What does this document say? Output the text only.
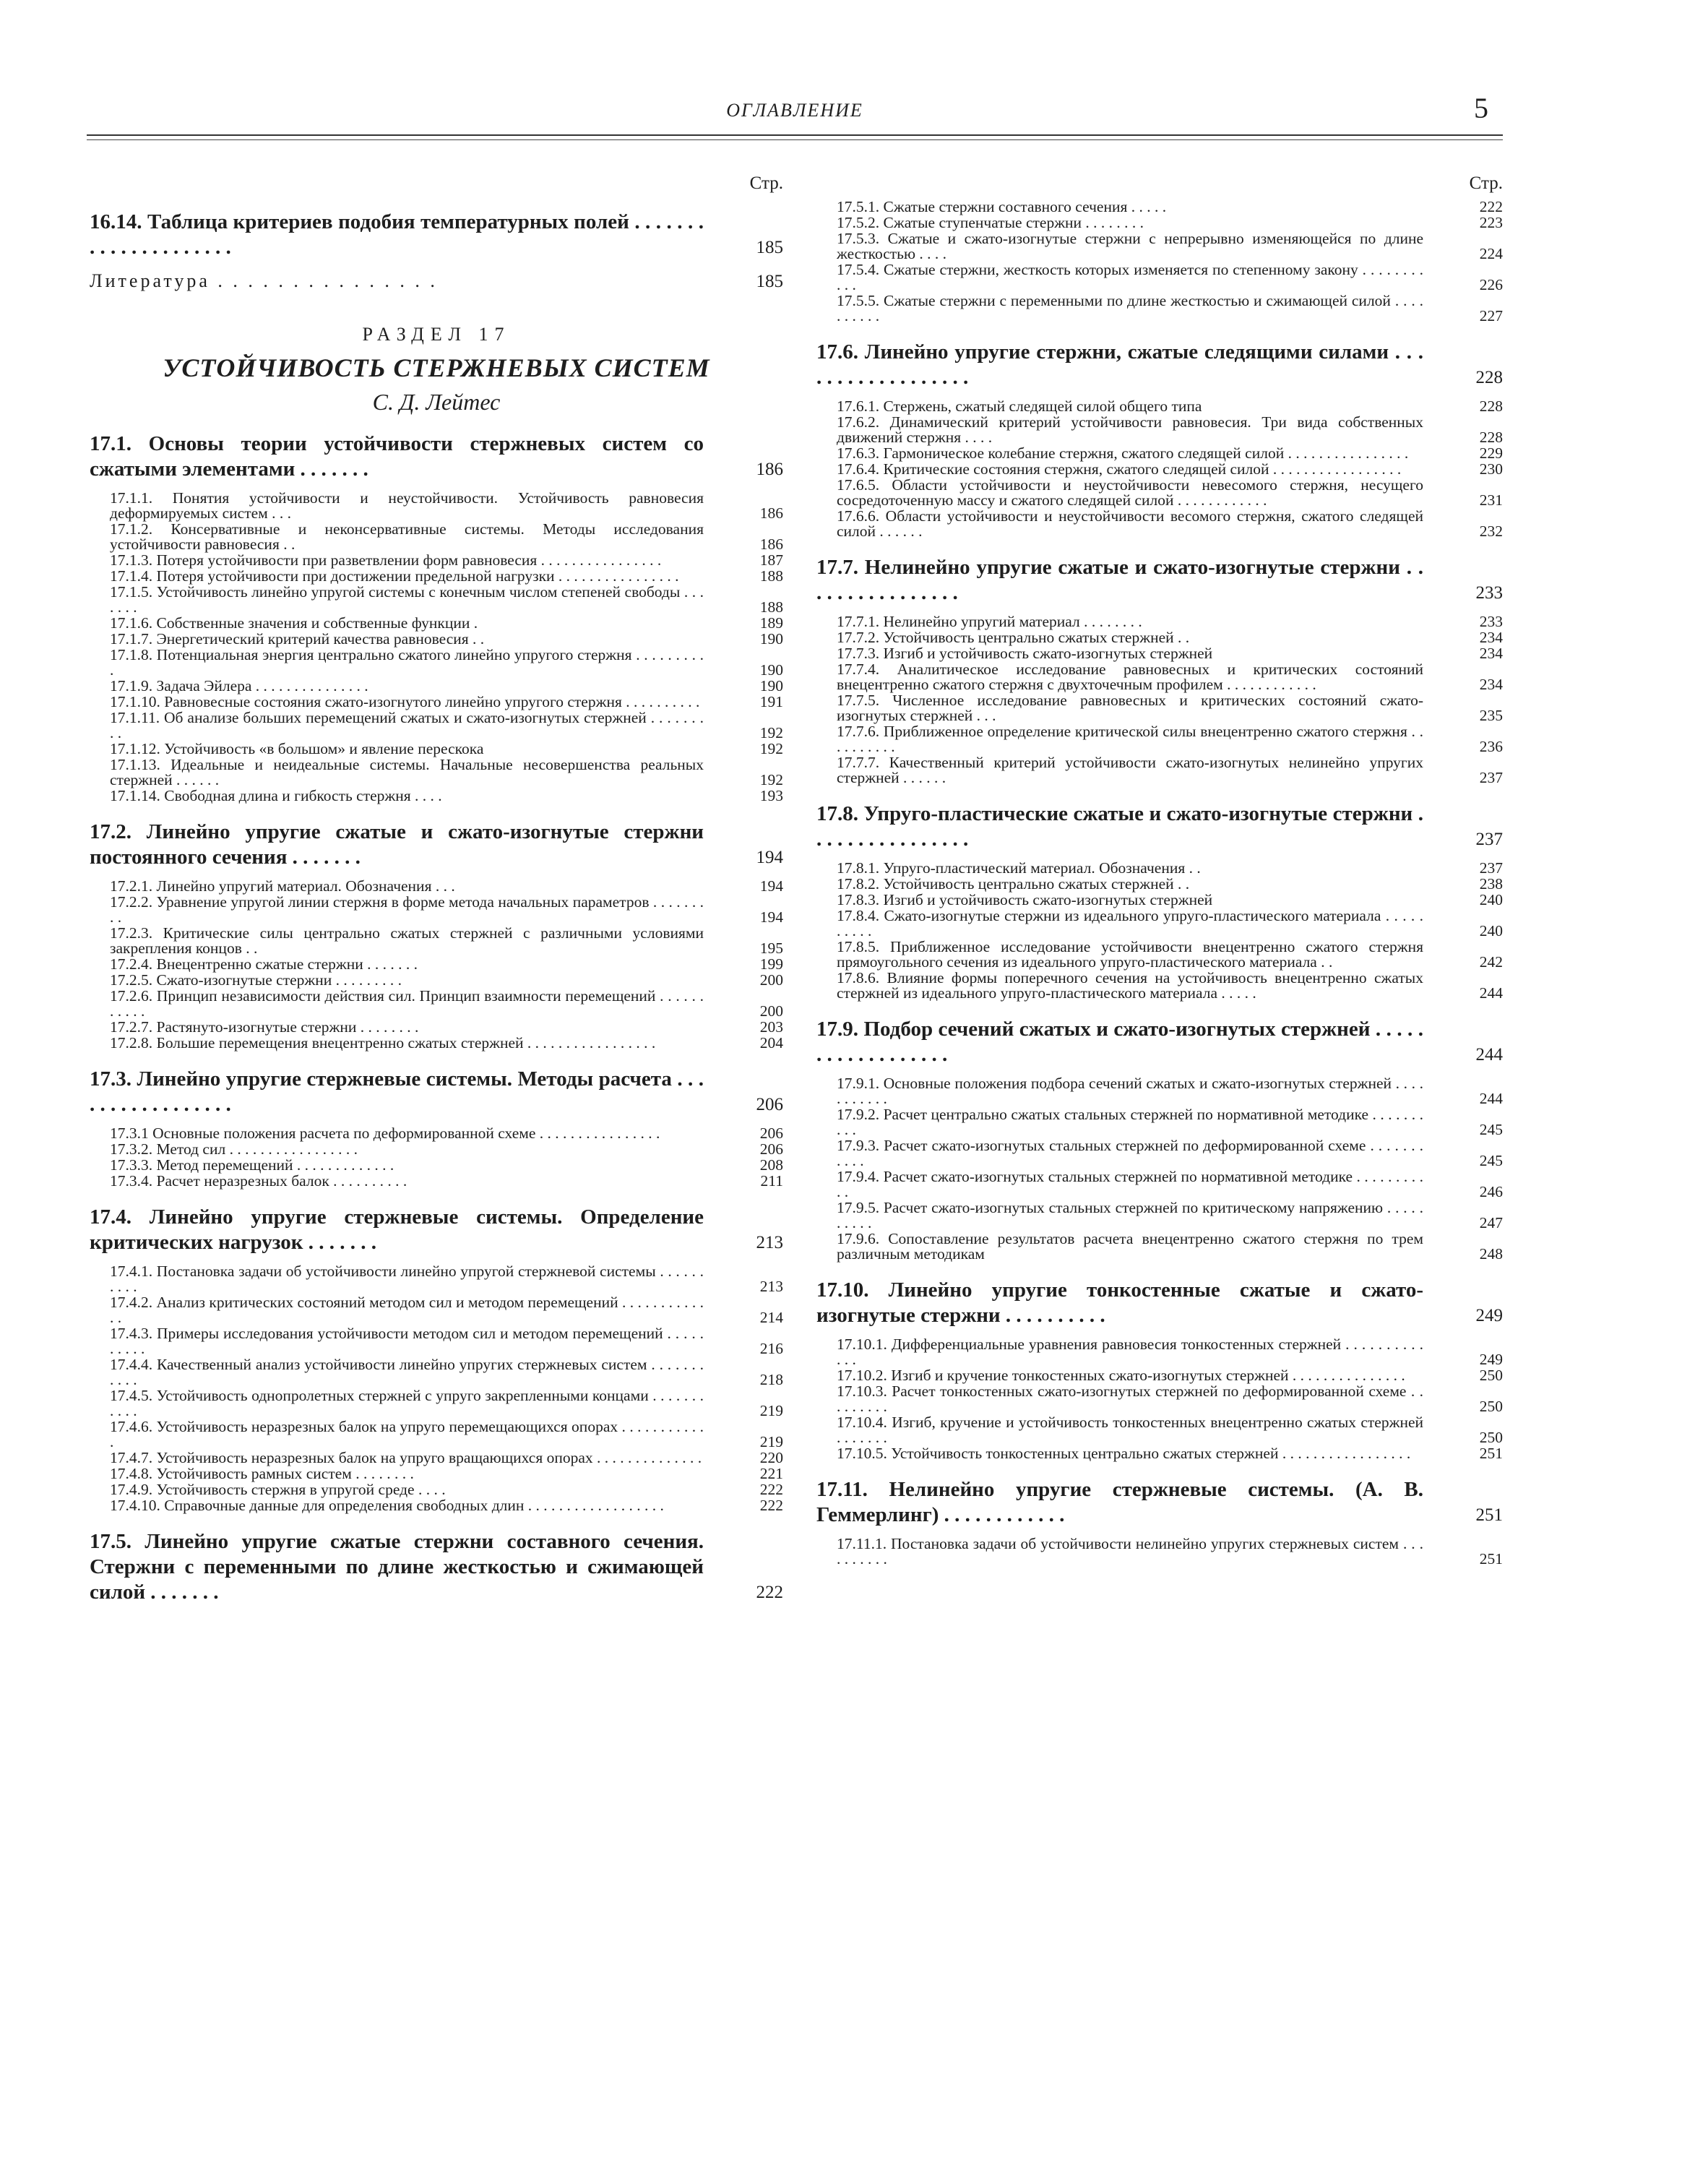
ОГЛАВЛЕНИЕ	5
Стр.
16.14. Таблица критериев подобия температурных полей . . . . . . . . . . . . . . . . . . . . .	185
Литература . . . . . . . . . . . . . . .	185
РАЗДЕЛ 17
УСТОЙЧИВОСТЬ СТЕРЖНЕВЫХ СИСТЕМ
С. Д. Лейтес
17.1. Основы теории устойчивости стержневых систем со сжатыми элементами . . . . . . .	186
17.1.1. Понятия устойчивости и неустойчивости. Устойчивость равновесия деформируемых систем . . .	186
17.1.2. Консервативные и неконсервативные системы. Методы исследования устойчивости равновесия . .	186
17.1.3. Потеря устойчивости при разветвлении форм равновесия . . . . . . . . . . . . . . . .	187
17.1.4. Потеря устойчивости при достижении предельной нагрузки . . . . . . . . . . . . . . . .	188
17.1.5. Устойчивость линейно упругой системы с конечным числом степеней свободы . . . . . . .	188
17.1.6. Собственные значения и собственные функции .	189
17.1.7. Энергетический критерий качества равновесия . .	190
17.1.8. Потенциальная энергия центрально сжатого линейно упругого стержня . . . . . . . . . .	190
17.1.9. Задача Эйлера . . . . . . . . . . . . . . .	190
17.1.10. Равновесные состояния сжато-изогнутого линейно упругого стержня . . . . . . . . . .	191
17.1.11. Об анализе больших перемещений сжатых и сжато-изогнутых стержней . . . . . . . . .	192
17.1.12. Устойчивость «в большом» и явление перескока	192
17.1.13. Идеальные и неидеальные системы. Начальные несовершенства реальных стержней . . . . . .	192
17.1.14. Свободная длина и гибкость стержня . . . .	193
17.2. Линейно упругие сжатые и сжато-изогнутые стержни постоянного сечения . . . . . . .	194
17.2.1. Линейно упругий материал. Обозначения . . .	194
17.2.2. Уравнение упругой линии стержня в форме метода начальных параметров . . . . . . . . .	194
17.2.3. Критические силы центрально сжатых стержней с различными условиями закрепления концов . .	195
17.2.4. Внецентренно сжатые стержни . . . . . . .	199
17.2.5. Сжато-изогнутые стержни . . . . . . . . .	200
17.2.6. Принцип независимости действия сил. Принцип взаимности перемещений . . . . . . . . . . .	200
17.2.7. Растянуто-изогнутые стержни . . . . . . . .	203
17.2.8. Большие перемещения внецентренно сжатых стержней . . . . . . . . . . . . . . . . .	204
17.3. Линейно упругие стержневые системы. Методы расчета . . . . . . . . . . . . . . . . .	206
17.3.1 Основные положения расчета по деформированной схеме . . . . . . . . . . . . . . . .	206
17.3.2. Метод сил . . . . . . . . . . . . . . . . .	206
17.3.3. Метод перемещений . . . . . . . . . . . . .	208
17.3.4. Расчет неразрезных балок . . . . . . . . . .	211
17.4. Линейно упругие стержневые системы. Определение критических нагрузок . . . . . . .	213
17.4.1. Постановка задачи об устойчивости линейно упругой стержневой системы . . . . . . . . . .	213
17.4.2. Анализ критических состояний методом сил и методом перемещений . . . . . . . . . . . . .	214
17.4.3. Примеры исследования устойчивости методом сил и методом перемещений . . . . . . . . . .	216
17.4.4. Качественный анализ устойчивости линейно упругих стержневых систем . . . . . . . . . . .	218
17.4.5. Устойчивость однопролетных стержней с упруго закрепленными концами . . . . . . . . . . .	219
17.4.6. Устойчивость неразрезных балок на упруго перемещающихся опорах . . . . . . . . . . . .	219
17.4.7. Устойчивость неразрезных балок на упруго вращающихся опорах . . . . . . . . . . . . . .	220
17.4.8. Устойчивость рамных систем . . . . . . . .	221
17.4.9. Устойчивость стержня в упругой среде . . . .	222
17.4.10. Справочные данные для определения свободных длин . . . . . . . . . . . . . . . . . .	222
17.5. Линейно упругие сжатые стержни составного сечения. Стержни с переменными по длине жесткостью и сжимающей силой . . . . . . .	222
Стр.
17.5.1. Сжатые стержни составного сечения . . . . .	222
17.5.2. Сжатые ступенчатые стержни . . . . . . . .	223
17.5.3. Сжатые и сжато-изогнутые стержни с непрерывно изменяющейся по длине жесткостью . . . .	224
17.5.4. Сжатые стержни, жесткость которых изменяется по степенному закону . . . . . . . . . . .	226
17.5.5. Сжатые стержни с переменными по длине жесткостью и сжимающей силой . . . . . . . . . .	227
17.6. Линейно упругие стержни, сжатые следящими силами . . . . . . . . . . . . . . . . . .	228
17.6.1. Стержень, сжатый следящей силой общего типа	228
17.6.2. Динамический критерий устойчивости равновесия. Три вида собственных движений стержня . . . .	228
17.6.3. Гармоническое колебание стержня, сжатого следящей силой . . . . . . . . . . . . . . . .	229
17.6.4. Критические состояния стержня, сжатого следящей силой . . . . . . . . . . . . . . . . .	230
17.6.5. Области устойчивости и неустойчивости невесомого стержня, несущего сосредоточенную массу и сжатого следящей силой . . . . . . . . . . . .	231
17.6.6. Области устойчивости и неустойчивости весомого стержня, сжатого следящей силой . . . . . .	232
17.7. Нелинейно упругие сжатые и сжато-изогнутые стержни . . . . . . . . . . . . . . . .	233
17.7.1. Нелинейно упругий материал . . . . . . . .	233
17.7.2. Устойчивость центрально сжатых стержней . .	234
17.7.3. Изгиб и устойчивость сжато-изогнутых стержней	234
17.7.4. Аналитическое исследование равновесных и критических состояний внецентренно сжатого стержня с двухточечным профилем . . . . . . . . . . . .	234
17.7.5. Численное исследование равновесных и критических состояний сжато-изогнутых стержней . . .	235
17.7.6. Приближенное определение критической силы внецентренно сжатого стержня . . . . . . . . . .	236
17.7.7. Качественный критерий устойчивости сжато-изогнутых нелинейно упругих стержней . . . . . .	237
17.8. Упруго-пластические сжатые и сжато-изогнутые стержни . . . . . . . . . . . . . . . .	237
17.8.1. Упруго-пластический материал. Обозначения . .	237
17.8.2. Устойчивость центрально сжатых стержней . .	238
17.8.3. Изгиб и устойчивость сжато-изогнутых стержней	240
17.8.4. Сжато-изогнутые стержни из идеального упруго-пластического материала . . . . . . . . . .	240
17.8.5. Приближенное исследование устойчивости внецентренно сжатого стержня прямоугольного сечения из идеального упруго-пластического материала . .	242
17.8.6. Влияние формы поперечного сечения на устойчивость внецентренно сжатых стержней из идеального упруго-пластического материала . . . . .	244
17.9. Подбор сечений сжатых и сжато-изогнутых стержней . . . . . . . . . . . . . . . . . .	244
17.9.1. Основные положения подбора сечений сжатых и сжато-изогнутых стержней . . . . . . . . . . .	244
17.9.2. Расчет центрально сжатых стальных стержней по нормативной методике . . . . . . . . . .	245
17.9.3. Расчет сжато-изогнутых стальных стержней по деформированной схеме . . . . . . . . . . .	245
17.9.4. Расчет сжато-изогнутых стальных стержней по нормативной методике . . . . . . . . . . .	246
17.9.5. Расчет сжато-изогнутых стальных стержней по критическому напряжению . . . . . . . . . .	247
17.9.6. Сопоставление результатов расчета внецентренно сжатого стержня по трем различным методикам	248
17.10. Линейно упругие тонкостенные сжатые и сжато-изогнутые стержни . . . . . . . . . .	249
17.10.1. Дифференциальные уравнения равновесия тонкостенных стержней . . . . . . . . . . . . .	249
17.10.2. Изгиб и кручение тонкостенных сжато-изогнутых стержней . . . . . . . . . . . . . . .	250
17.10.3. Расчет тонкостенных сжато-изогнутых стержней по деформированной схеме . . . . . . . . .	250
17.10.4. Изгиб, кручение и устойчивость тонкостенных внецентренно сжатых стержней . . . . . . .	250
17.10.5. Устойчивость тонкостенных центрально сжатых стержней . . . . . . . . . . . . . . . . .	251
17.11. Нелинейно упругие стержневые системы. (А. В. Геммерлинг) . . . . . . . . . . . .	251
17.11.1. Постановка задачи об устойчивости нелинейно упругих стержневых систем . . . . . . . . . .	251
